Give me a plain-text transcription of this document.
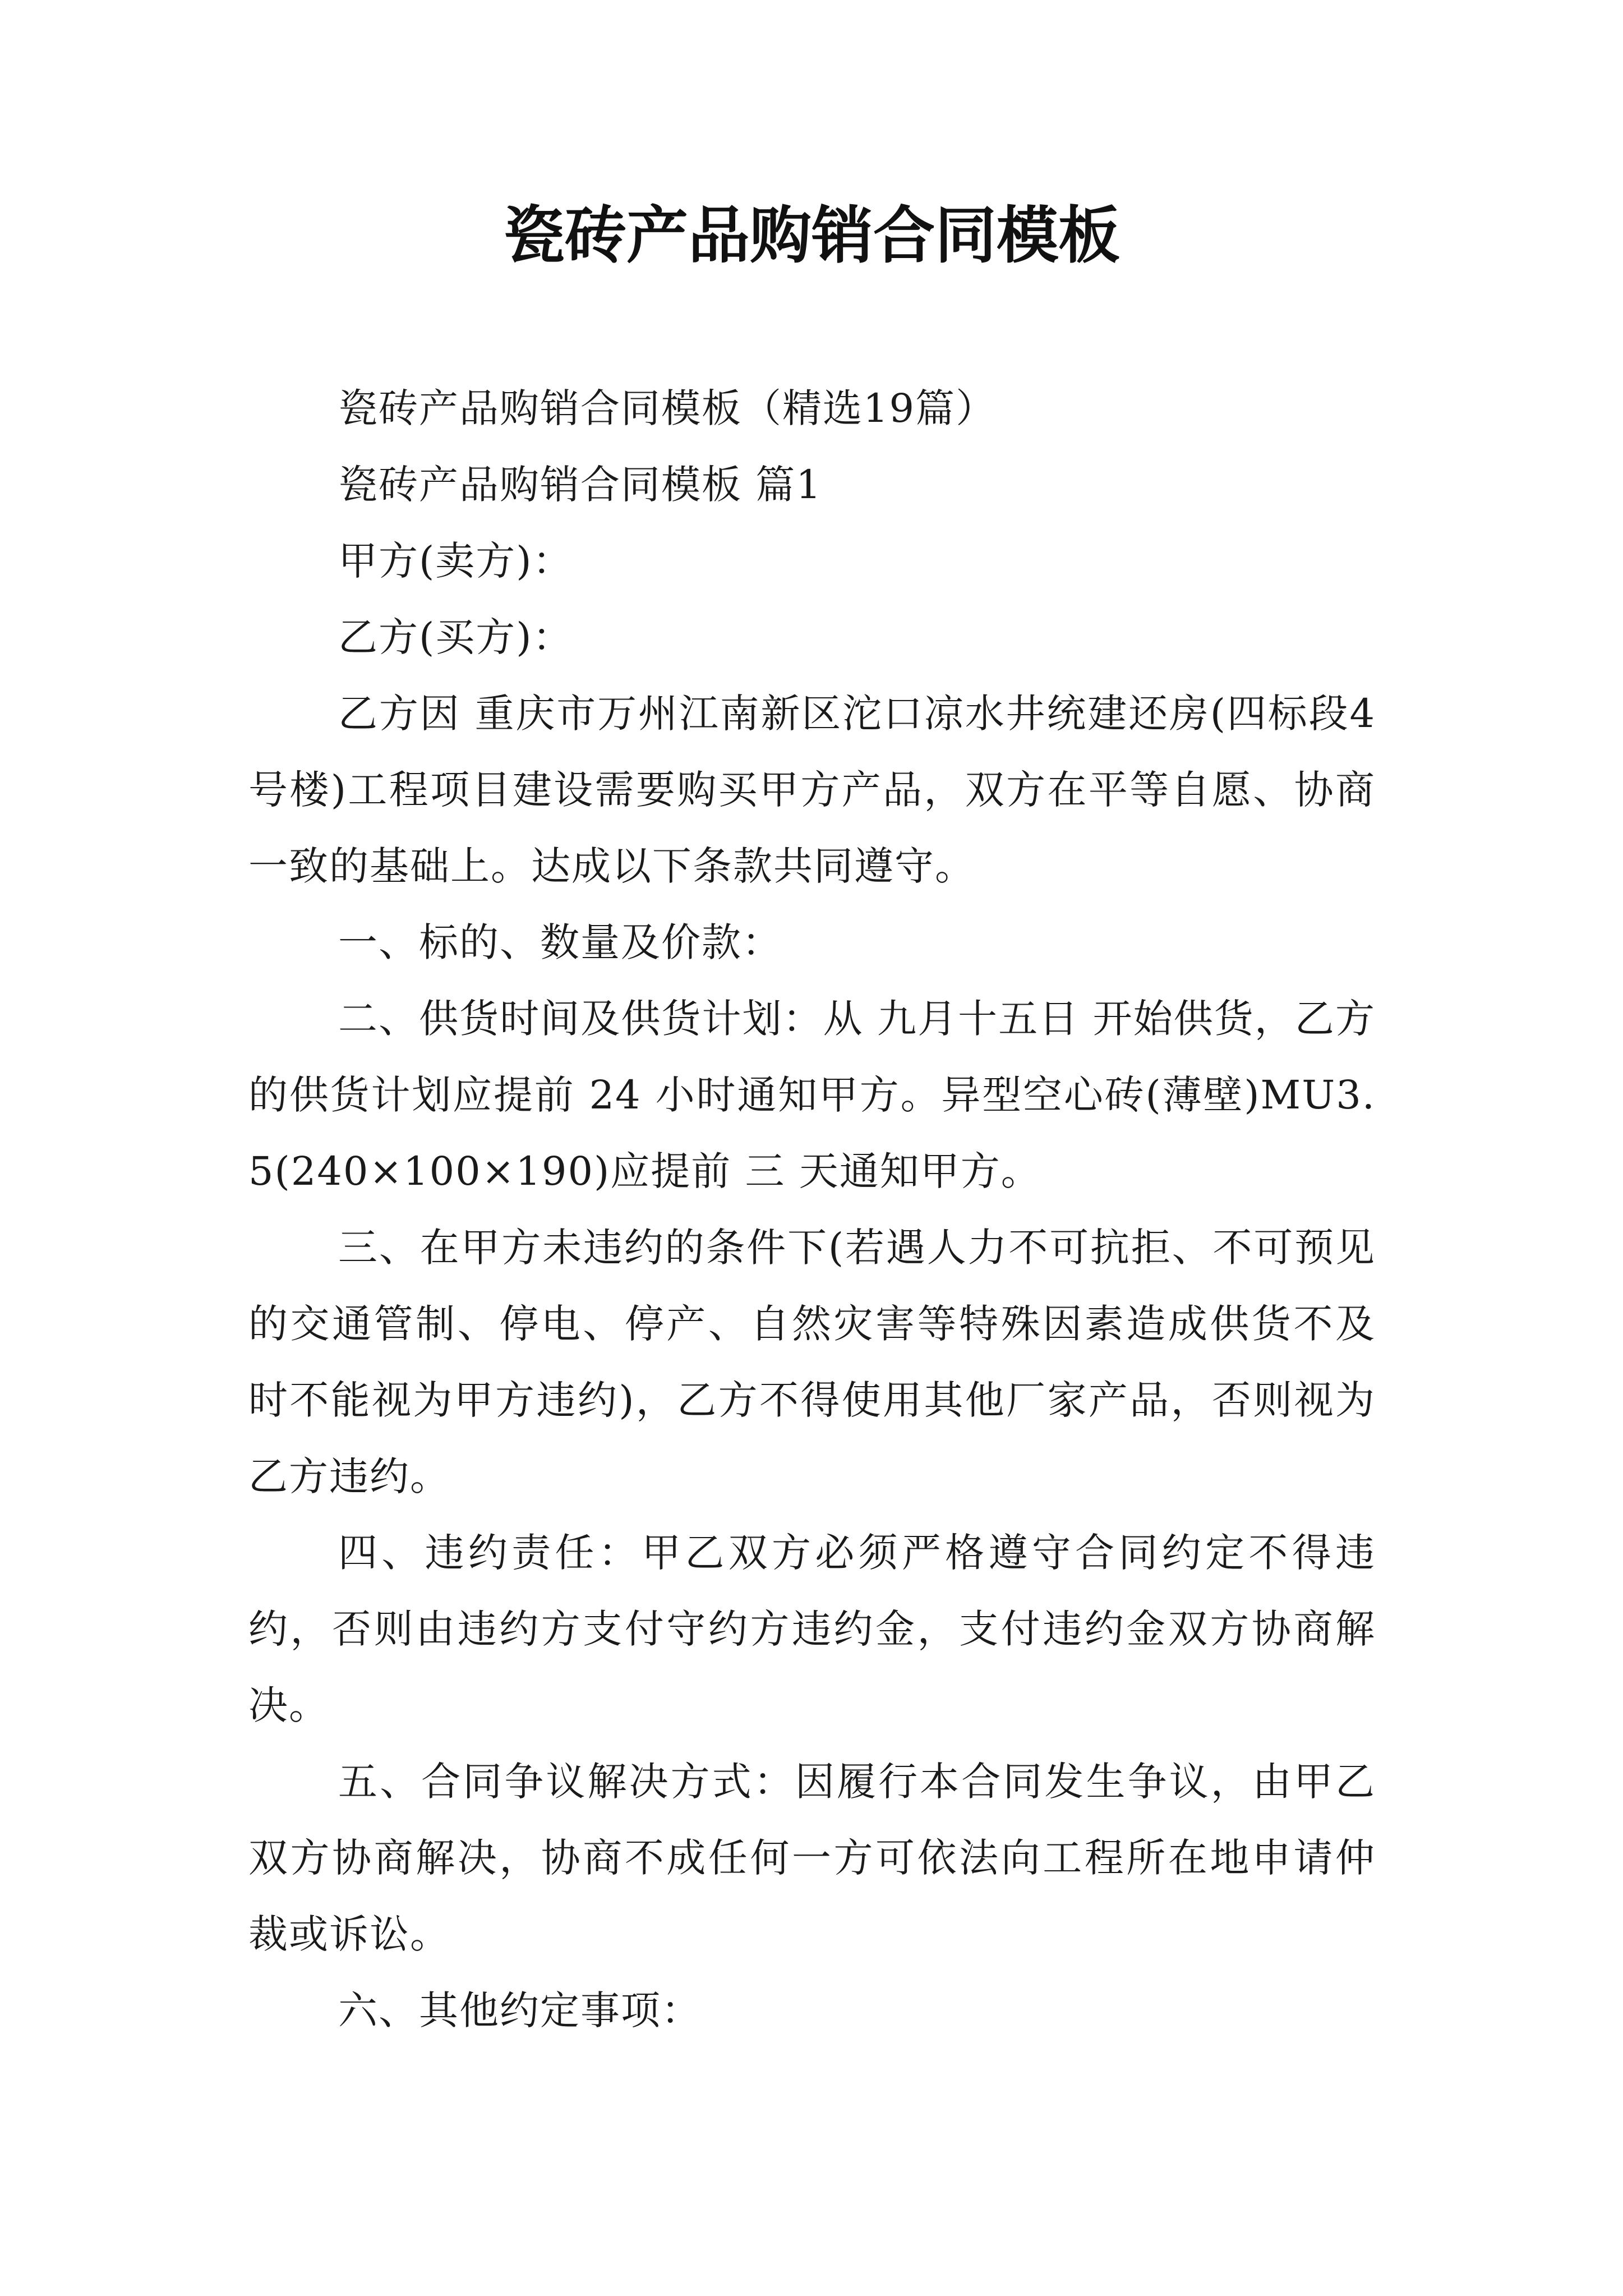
瓷砖产品购销合同模板

瓷砖产品购销合同模板（精选19篇）

瓷砖产品购销合同模板 篇1

甲方(卖方)：

乙方(买方)：

乙方因 重庆市万州江南新区沱口凉水井统建还房(四标段4号楼)工程项目建设需要购买甲方产品，双方在平等自愿、协商一致的基础上。达成以下条款共同遵守。

一、标的、数量及价款：

二、供货时间及供货计划：从 九月十五日 开始供货，乙方的供货计划应提前 24 小时通知甲方。异型空心砖(薄壁)MU3.5(240×100×190)应提前 三 天通知甲方。

三、在甲方未违约的条件下(若遇人力不可抗拒、不可预见的交通管制、停电、停产、自然灾害等特殊因素造成供货不及时不能视为甲方违约)，乙方不得使用其他厂家产品，否则视为乙方违约。

四、违约责任：甲乙双方必须严格遵守合同约定不得违约，否则由违约方支付守约方违约金，支付违约金双方协商解决。

五、合同争议解决方式：因履行本合同发生争议，由甲乙双方协商解决，协商不成任何一方可依法向工程所在地申请仲裁或诉讼。

六、其他约定事项：
